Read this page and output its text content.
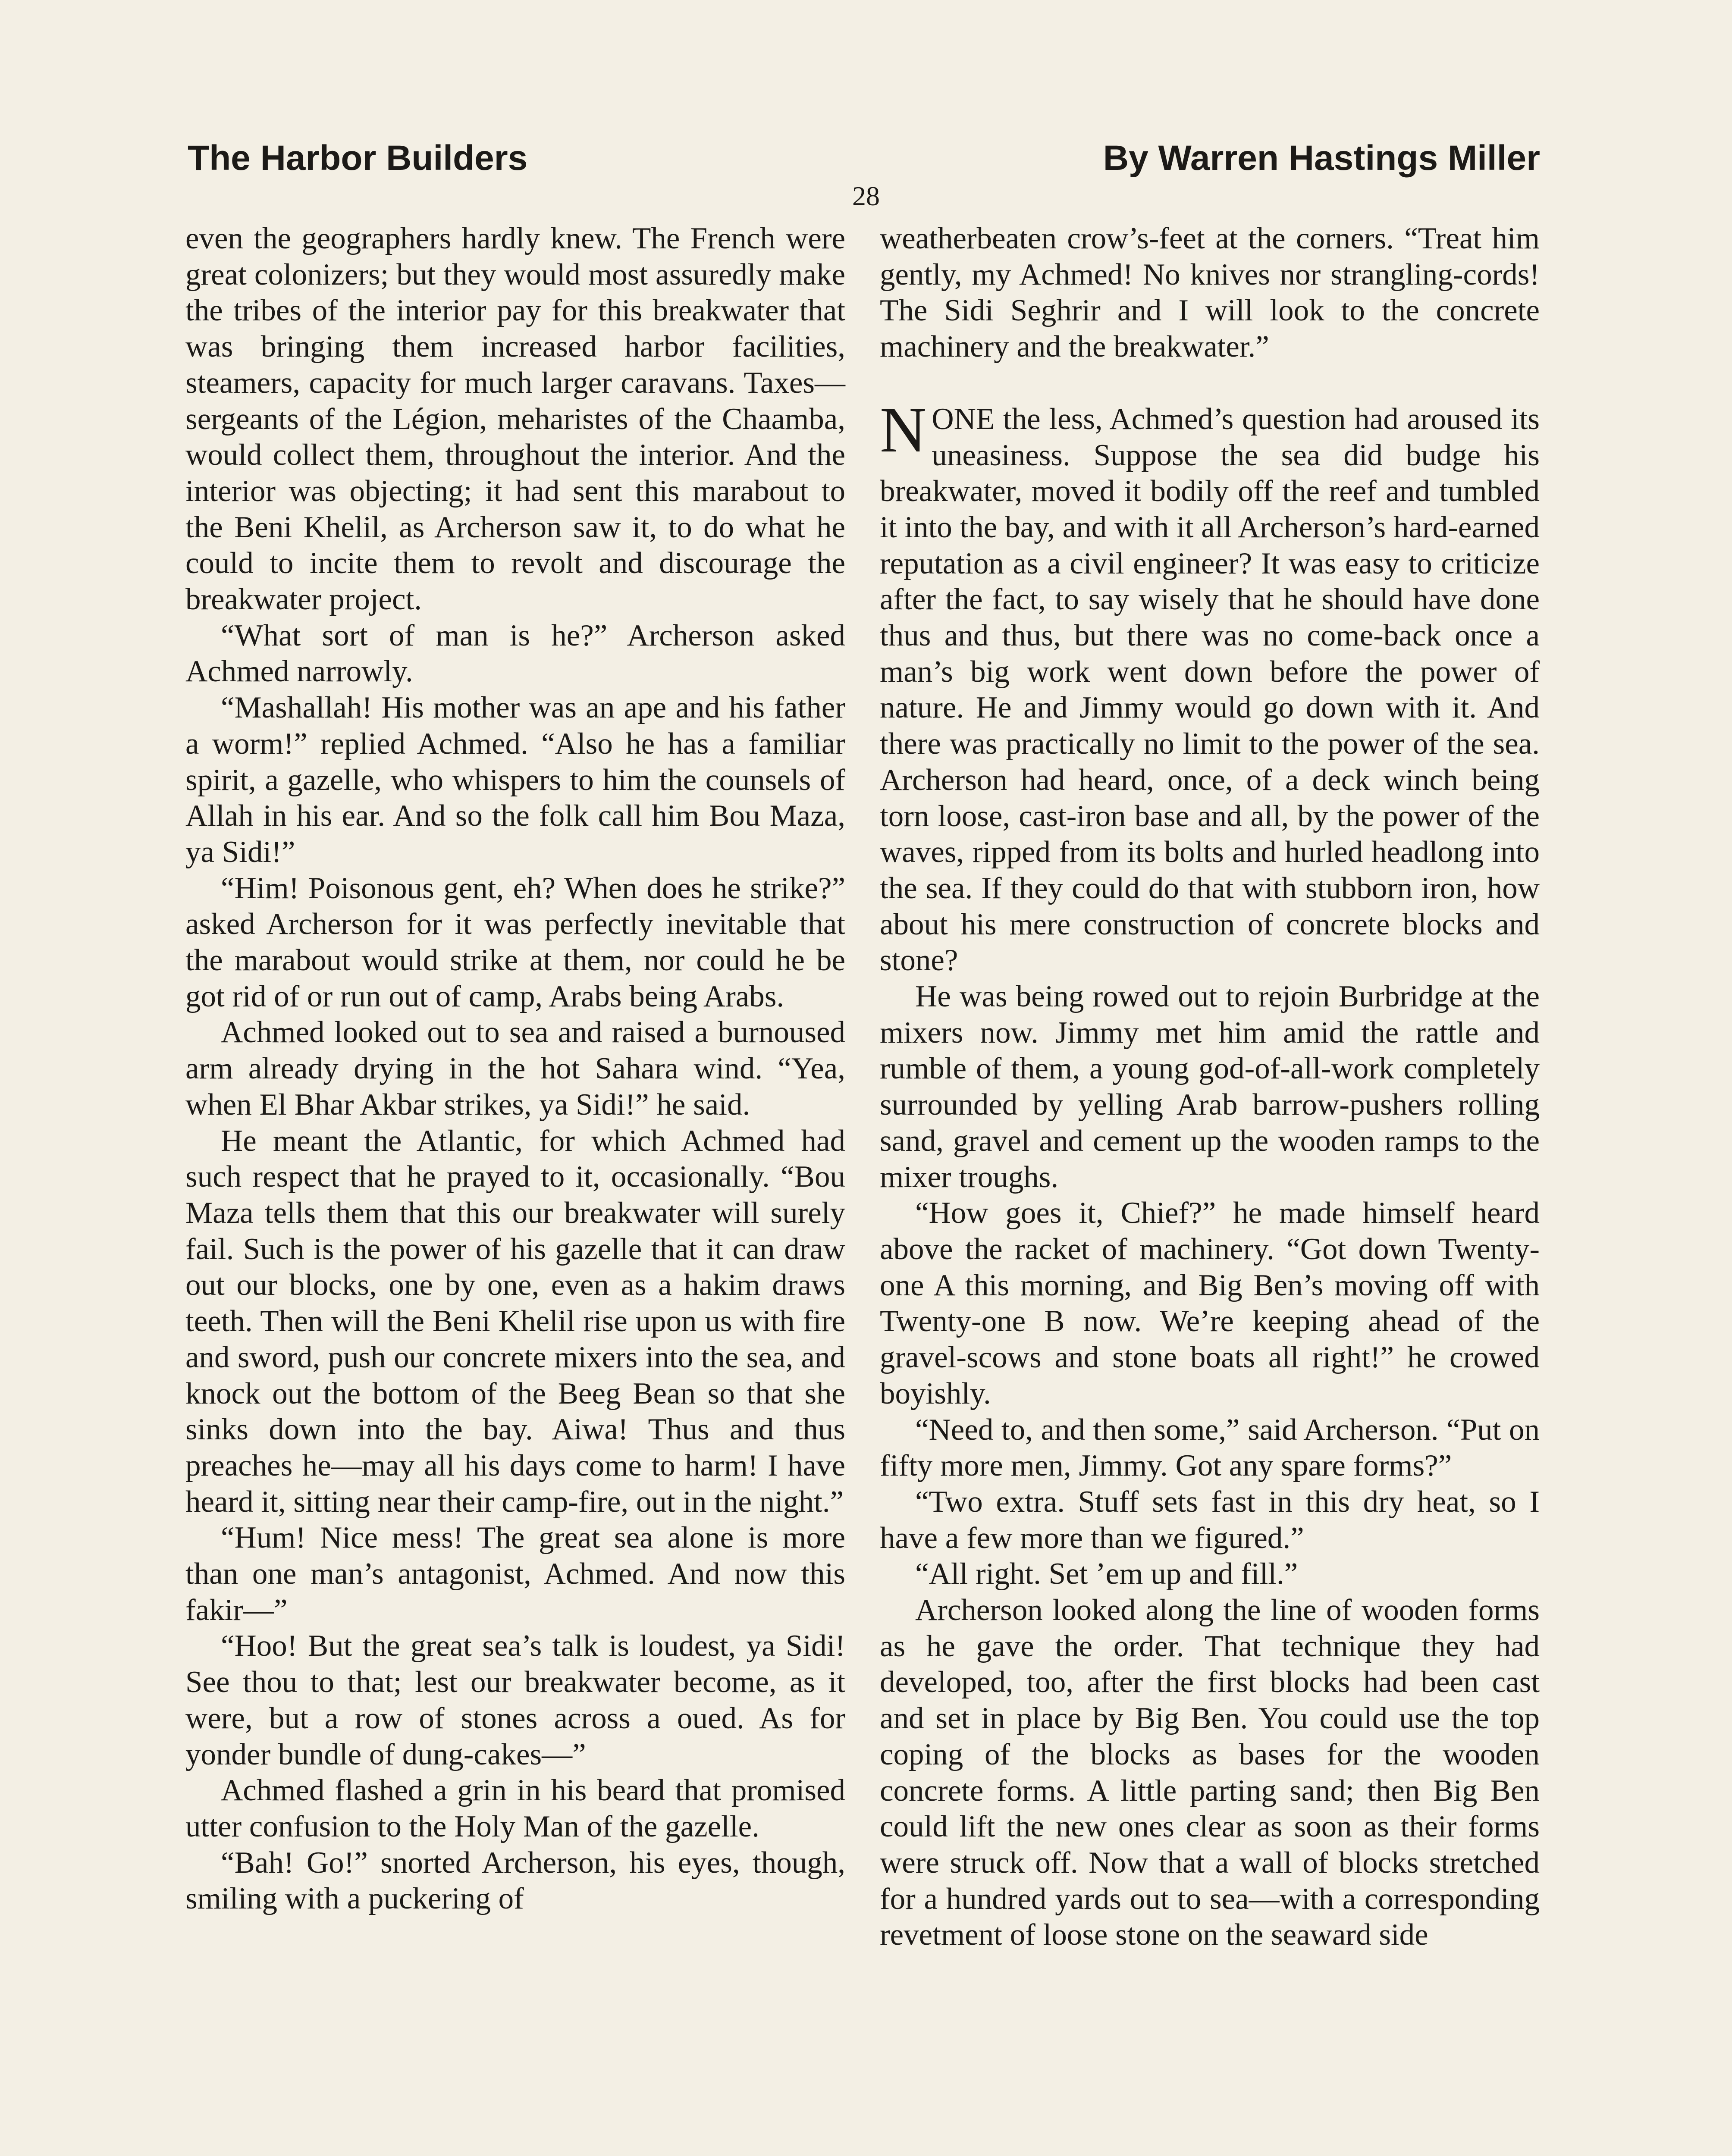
The Harbor Builders	By Warren Hastings Miller
28

even the geographers hardly knew. The French were great colonizers; but they would most assuredly make the tribes of the interior pay for this breakwater that was bringing them increased harbor facilities, steamers, capacity for much larger caravans. Taxes—sergeants of the Légion, meharistes of the Chaamba, would collect them, throughout the interior. And the interior was objecting; it had sent this marabout to the Beni Khelil, as Archerson saw it, to do what he could to incite them to revolt and discourage the breakwater project.

“What sort of man is he?” Archerson asked Achmed narrowly.

“Mashallah! His mother was an ape and his father a worm!” replied Achmed. “Also he has a familiar spirit, a gazelle, who whispers to him the counsels of Allah in his ear. And so the folk call him Bou Maza, ya Sidi!”

“Him! Poisonous gent, eh? When does he strike?” asked Archerson for it was perfectly inevitable that the marabout would strike at them, nor could he be got rid of or run out of camp, Arabs being Arabs.

Achmed looked out to sea and raised a burnoused arm already drying in the hot Sahara wind. “Yea, when El Bhar Akbar strikes, ya Sidi!” he said.

He meant the Atlantic, for which Achmed had such respect that he prayed to it, occasionally. “Bou Maza tells them that this our breakwater will surely fail. Such is the power of his gazelle that it can draw out our blocks, one by one, even as a hakim draws teeth. Then will the Beni Khelil rise upon us with fire and sword, push our concrete mixers into the sea, and knock out the bottom of the Beeg Bean so that she sinks down into the bay. Aiwa! Thus and thus preaches he—may all his days come to harm! I have heard it, sitting near their camp-fire, out in the night.”

“Hum! Nice mess! The great sea alone is more than one man’s antagonist, Achmed. And now this fakir—”

“Hoo! But the great sea’s talk is loudest, ya Sidi! See thou to that; lest our breakwater become, as it were, but a row of stones across a oued. As for yonder bundle of dung-cakes—”

Achmed flashed a grin in his beard that promised utter confusion to the Holy Man of the gazelle.

“Bah! Go!” snorted Archerson, his eyes, though, smiling with a puckering of

weatherbeaten crow’s-feet at the corners. “Treat him gently, my Achmed! No knives nor strangling-cords! The Sidi Seghrir and I will look to the concrete machinery and the breakwater.”

NONE the less, Achmed’s question had aroused its uneasiness. Suppose the sea did budge his breakwater, moved it bodily off the reef and tumbled it into the bay, and with it all Archerson’s hard-earned reputation as a civil engineer? It was easy to criticize after the fact, to say wisely that he should have done thus and thus, but there was no come-back once a man’s big work went down before the power of nature. He and Jimmy would go down with it. And there was practically no limit to the power of the sea. Archerson had heard, once, of a deck winch being torn loose, cast-iron base and all, by the power of the waves, ripped from its bolts and hurled headlong into the sea. If they could do that with stubborn iron, how about his mere construction of concrete blocks and stone?

He was being rowed out to rejoin Burbridge at the mixers now. Jimmy met him amid the rattle and rumble of them, a young god-of-all-work completely surrounded by yelling Arab barrow-pushers rolling sand, gravel and cement up the wooden ramps to the mixer troughs.

“How goes it, Chief?” he made himself heard above the racket of machinery. “Got down Twenty-one A this morning, and Big Ben’s moving off with Twenty-one B now. We’re keeping ahead of the gravel-scows and stone boats all right!” he crowed boyishly.

“Need to, and then some,” said Archerson. “Put on fifty more men, Jimmy. Got any spare forms?”

“Two extra. Stuff sets fast in this dry heat, so I have a few more than we figured.”

“All right. Set ’em up and fill.”

Archerson looked along the line of wooden forms as he gave the order. That technique they had developed, too, after the first blocks had been cast and set in place by Big Ben. You could use the top coping of the blocks as bases for the wooden concrete forms. A little parting sand; then Big Ben could lift the new ones clear as soon as their forms were struck off. Now that a wall of blocks stretched for a hundred yards out to sea—with a corresponding revetment of loose stone on the seaward side
